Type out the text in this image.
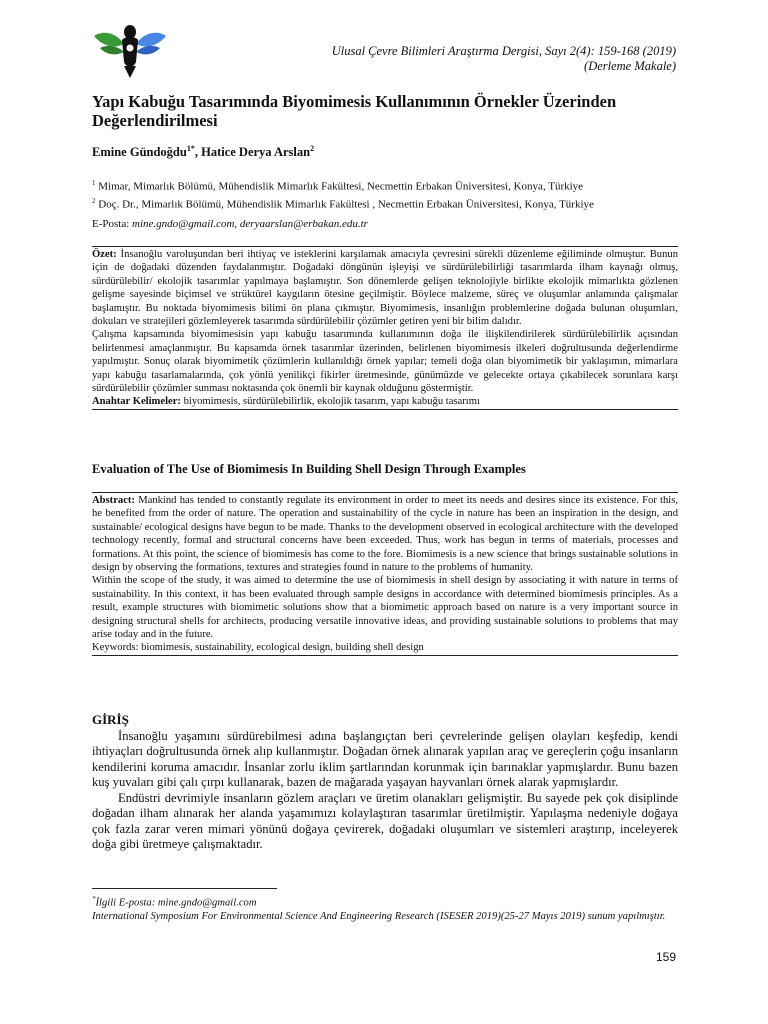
Ulusal Çevre Bilimleri Araştırma Dergisi, Sayı 2(4): 159-168 (2019)
(Derleme Makale)
Yapı Kabuğu Tasarımında Biyomimesis Kullanımının Örnekler Üzerinden Değerlendirilmesi
Emine Gündoğdu$^{1*}$, Hatice Derya Arslan$^2$
$^1$ Mimar, Mimarlık Bölümü, Mühendislik Mimarlık Fakültesi, Necmettin Erbakan Üniversitesi, Konya, Türkiye
$^2$ Doç. Dr., Mimarlık Bölümü, Mühendislik Mimarlık Fakültesi , Necmettin Erbakan Üniversitesi, Konya, Türkiye
E-Posta: mine.gndo@gmail.com, deryaarslan@erbakan.edu.tr

Özet: İnsanoğlu varoluşundan beri ihtiyaç ve isteklerini karşılamak amacıyla çevresini sürekli düzenleme eğiliminde olmuştur. Bunun için de doğadaki düzenden faydalanmıştır. Doğadaki döngünün işleyişi ve sürdürülebilirliği tasarımlarda ilham kaynağı olmuş, sürdürülebilir/ ekolojik tasarımlar yapılmaya başlamıştır. Son dönemlerde gelişen teknolojiyle birlikte ekolojik mimarlıkta gözlenen gelişme sayesinde biçimsel ve strüktürel kaygıların ötesine geçilmiştir. Böylece malzeme, süreç ve oluşumlar anlamında çalışmalar başlamıştır. Bu noktada biyomimesis bilimi ön plana çıkmıştır. Biyomimesis, insanlığın problemlerine doğada bulunan oluşumları, dokuları ve stratejileri gözlemleyerek tasarımda sürdürülebilir çözümler getiren yeni bir bilim dalıdır.

Çalışma kapsamında biyomimesisin yapı kabuğu tasarımında kullanımının doğa ile ilişkilendirilerek sürdürülebilirlik açısından belirlenmesi amaçlanmıştır. Bu kapsamda örnek tasarımlar üzerinden, belirlenen biyomimesis ilkeleri doğrultusunda değerlendirme yapılmıştır. Sonuç olarak biyomimetik çözümlerin kullanıldığı örnek yapılar; temeli doğa olan biyomimetik bir yaklaşımın, mimarlara yapı kabuğu tasarlamalarında, çok yönlü yenilikçi fikirler üretmesinde, günümüzde ve gelecekte ortaya çıkabilecek sorunlara karşı sürdürülebilir çözümler sunması noktasında çok önemli bir kaynak olduğunu göstermiştir.

Anahtar Kelimeler: biyomimesis, sürdürülebilirlik, ekolojik tasarım, yapı kabuğu tasarımı

Evaluation of The Use of Biomimesis In Building Shell Design Through Examples

Abstract: Mankind has tended to constantly regulate its environment in order to meet its needs and desires since its existence. For this, he benefited from the order of nature. The operation and sustainability of the cycle in nature has been an inspiration in the design, and sustainable/ ecological designs have begun to be made. Thanks to the development observed in ecological architecture with the developed technology recently, formal and structural concerns have been exceeded. Thus, work has begun in terms of materials, processes and formations. At this point, the science of biomimesis has come to the fore. Biomimesis is a new science that brings sustainable solutions in design by observing the formations, textures and strategies found in nature to the problems of humanity.

Within the scope of the study, it was aimed to determine the use of biomimesis in shell design by associating it with nature in terms of sustainability. In this context, it has been evaluated through sample designs in accordance with determined biomimesis principles. As a result, example structures with biomimetic solutions show that a biomimetic approach based on nature is a very important source in designing structural shells for architects, producing versatile innovative ideas, and providing sustainable solutions to problems that may arise today and in the future.

Keywords: biomimesis, sustainability, ecological design, building shell design

GİRİŞ

İnsanoğlu yaşamını sürdürebilmesi adına başlangıçtan beri çevrelerinde gelişen olayları keşfedip, kendi ihtiyaçları doğrultusunda örnek alıp kullanmıştır. Doğadan örnek alınarak yapılan araç ve gereçlerin çoğu insanların kendilerini koruma amacıdır. İnsanlar zorlu iklim şartlarından korunmak için barınaklar yapmışlardır. Bunu bazen kuş yuvaları gibi çalı çırpı kullanarak, bazen de mağarada yaşayan hayvanları örnek alarak yapmışlardır.

Endüstri devrimiyle insanların gözlem araçları ve üretim olanakları gelişmiştir. Bu sayede pek çok disiplinde doğadan ilham alınarak her alanda yaşamımızı kolaylaştıran tasarımlar üretilmiştir. Yapılaşma nedeniyle doğaya çok fazla zarar veren mimari yönünü doğaya çevirerek, doğadaki oluşumları ve sistemleri araştırıp, inceleyerek doğa gibi üretmeye çalışmaktadır.

*İlgili E-posta: mine.gndo@gmail.com
International Symposium For Environmental Science And Engineering Research (ISESER 2019)(25-27 Mayıs 2019) sunum yapılmıştır.
159
